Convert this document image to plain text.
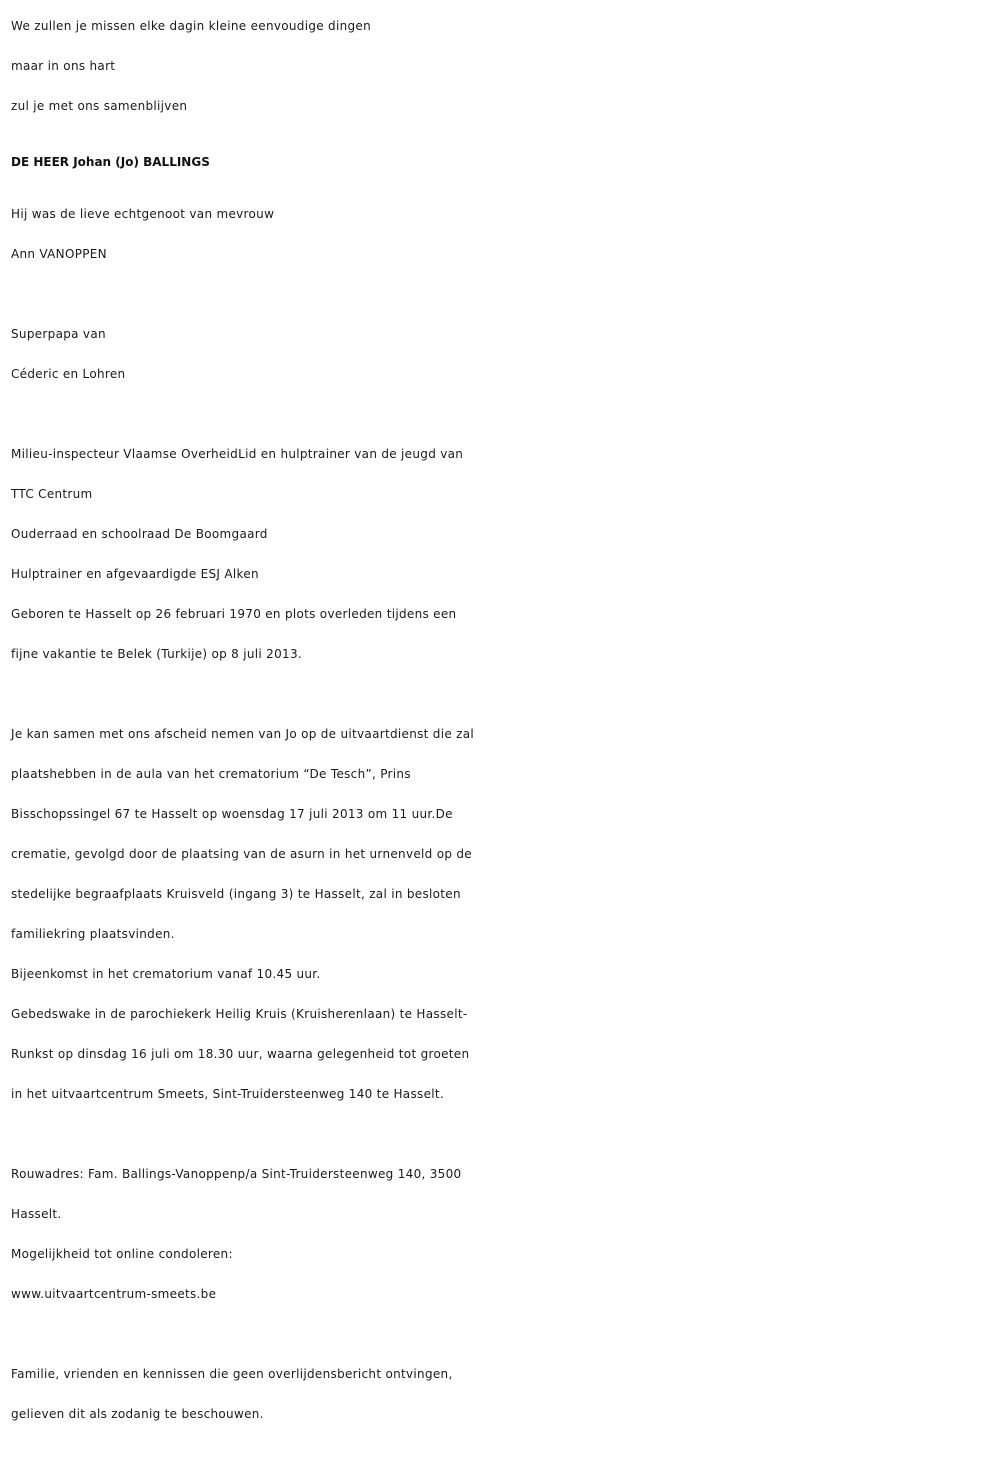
We zullen je missen elke dagin kleine eenvoudige dingen
maar in ons hart
zul je met ons samenblijven
DE HEER Johan (Jo) BALLINGS
Hij was de lieve echtgenoot van mevrouw
Ann VANOPPEN
Superpapa van
Céderic en Lohren
Milieu-inspecteur Vlaamse OverheidLid en hulptrainer van de jeugd van
TTC Centrum
Ouderraad en schoolraad De Boomgaard
Hulptrainer en afgevaardigde ESJ Alken
Geboren te Hasselt op 26 februari 1970 en plots overleden tijdens een
fijne vakantie te Belek (Turkije) op 8 juli 2013.
Je kan samen met ons afscheid nemen van Jo op de uitvaartdienst die zal
plaatshebben in de aula van het crematorium “De Tesch”, Prins
Bisschopssingel 67 te Hasselt op woensdag 17 juli 2013 om 11 uur.De
crematie, gevolgd door de plaatsing van de asurn in het urnenveld op de
stedelijke begraafplaats Kruisveld (ingang 3) te Hasselt, zal in besloten
familiekring plaatsvinden.
Bijeenkomst in het crematorium vanaf 10.45 uur.
Gebedswake in de parochiekerk Heilig Kruis (Kruisherenlaan) te Hasselt-
Runkst op dinsdag 16 juli om 18.30 uur, waarna gelegenheid tot groeten
in het uitvaartcentrum Smeets, Sint-Truidersteenweg 140 te Hasselt.
Rouwadres: Fam. Ballings-Vanoppenp/a Sint-Truidersteenweg 140, 3500
Hasselt.
Mogelijkheid tot online condoleren:
www.uitvaartcentrum-smeets.be
Familie, vrienden en kennissen die geen overlijdensbericht ontvingen,
gelieven dit als zodanig te beschouwen.
